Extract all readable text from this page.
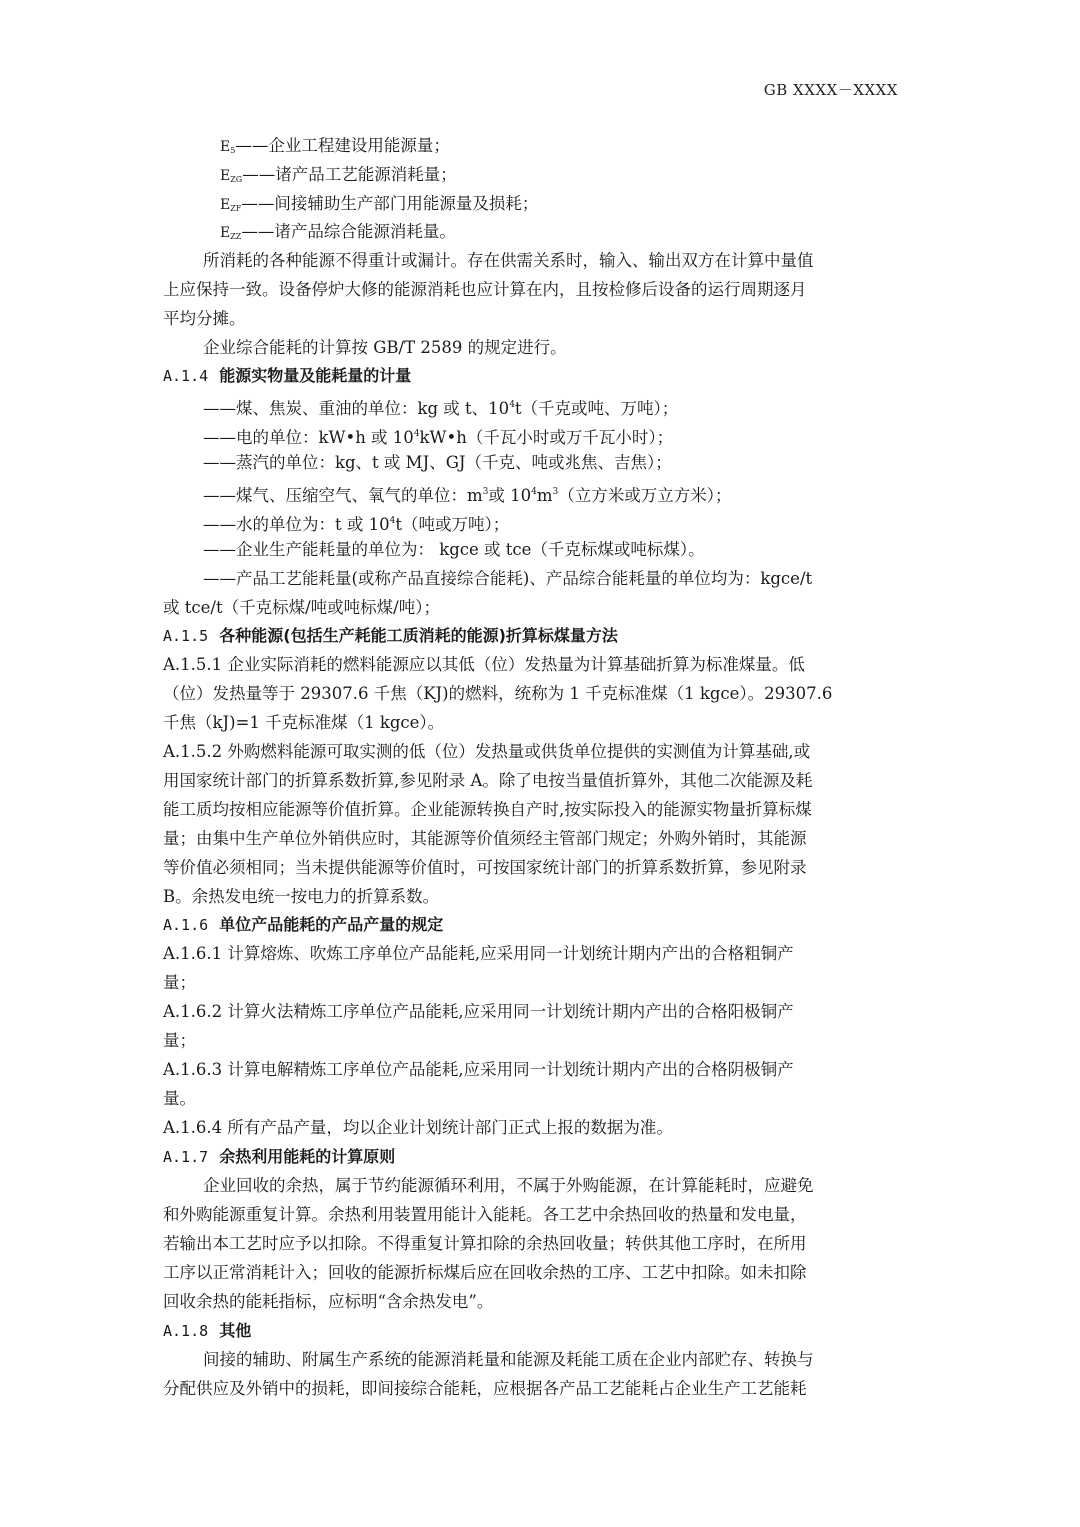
GB XXXX－XXXX
$E_5——$企业工程建设用能源量；
$E_{ZG}——$诸产品工艺能源消耗量；
$E_{ZF}——$间接辅助生产部门用能源量及损耗；
$E_{ZZ}——$诸产品综合能源消耗量。
所消耗的各种能源不得重计或漏计。存在供需关系时，输入、输出双方在计算中量值
上应保持一致。设备停炉大修的能源消耗也应计算在内，且按检修后设备的运行周期逐月
平均分摊。
企业综合能耗的计算按 GB/T 2589 的规定进行。
A.1.4 能源实物量及能耗量的计量
——煤、焦炭、重油的单位：kg 或 t、$10^4t$（千克或吨、万吨）；
——电的单位：kW•h 或 $10^4kW•h$（千瓦小时或万千瓦小时）；
——蒸汽的单位：kg、t 或 MJ、GJ（千克、吨或兆焦、吉焦）；
——煤气、压缩空气、氧气的单位：$m^3$或 $10^4m^3$（立方米或万立方米）；
——水的单位为：t 或 $10^4t$（吨或万吨）；
——企业生产能耗量的单位为： kgce 或 tce（千克标煤或吨标煤）。
——产品工艺能耗量(或称产品直接综合能耗)、产品综合能耗量的单位均为：kgce/t
或 tce/t（千克标煤/吨或吨标煤/吨）；
A.1.5 各种能源(包括生产耗能工质消耗的能源)折算标煤量方法
A.1.5.1 企业实际消耗的燃料能源应以其低（位）发热量为计算基础折算为标准煤量。低
（位）发热量等于 29307.6 千焦（KJ)的燃料，统称为 1 千克标准煤（1 kgce）。29307.6
千焦（kJ)=1 千克标准煤（1 kgce）。
A.1.5.2 外购燃料能源可取实测的低（位）发热量或供货单位提供的实测值为计算基础,或
用国家统计部门的折算系数折算,参见附录 A。除了电按当量值折算外，其他二次能源及耗
能工质均按相应能源等价值折算。企业能源转换自产时,按实际投入的能源实物量折算标煤
量；由集中生产单位外销供应时，其能源等价值须经主管部门规定；外购外销时，其能源
等价值必须相同；当未提供能源等价值时，可按国家统计部门的折算系数折算，参见附录
B。余热发电统一按电力的折算系数。
A.1.6 单位产品能耗的产品产量的规定
A.1.6.1 计算熔炼、吹炼工序单位产品能耗,应采用同一计划统计期内产出的合格粗铜产
量；
A.1.6.2 计算火法精炼工序单位产品能耗,应采用同一计划统计期内产出的合格阳极铜产
量；
A.1.6.3 计算电解精炼工序单位产品能耗,应采用同一计划统计期内产出的合格阴极铜产
量。
A.1.6.4 所有产品产量，均以企业计划统计部门正式上报的数据为准。
A.1.7 余热利用能耗的计算原则
企业回收的余热，属于节约能源循环利用，不属于外购能源，在计算能耗时，应避免
和外购能源重复计算。余热利用装置用能计入能耗。各工艺中余热回收的热量和发电量，
若输出本工艺时应予以扣除。不得重复计算扣除的余热回收量；转供其他工序时，在所用
工序以正常消耗计入；回收的能源折标煤后应在回收余热的工序、工艺中扣除。如未扣除
回收余热的能耗指标，应标明“含余热发电”。
A.1.8 其他
间接的辅助、附属生产系统的能源消耗量和能源及耗能工质在企业内部贮存、转换与
分配供应及外销中的损耗，即间接综合能耗，应根据各产品工艺能耗占企业生产工艺能耗
